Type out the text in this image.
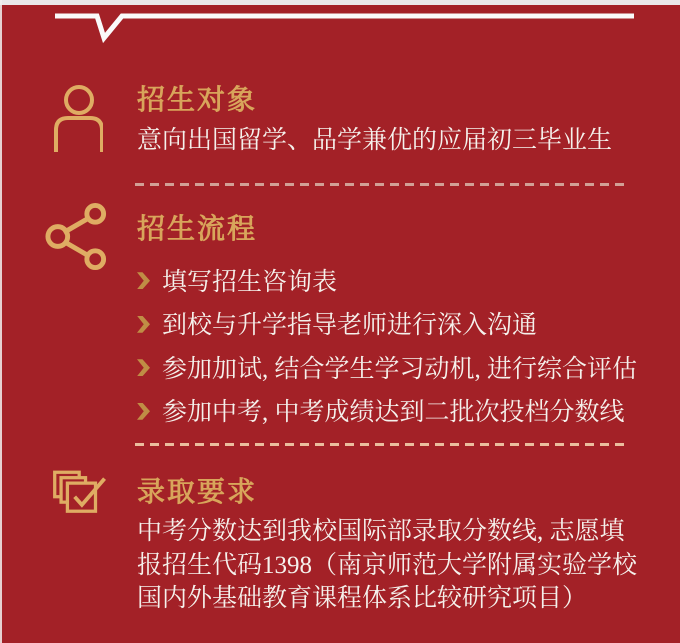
招生对象

意向出国留学、品学兼优的应届初三毕业生

招生流程
填写招生咨询表
到校与升学指导老师进行深入沟通
参加加试, 结合学生学习动机, 进行综合评估
参加中考, 中考成绩达到二批次投档分数线
录取要求

中考分数达到我校国际部录取分数线, 志愿填报招生代码1398（南京师范大学附属实验学校国内外基础教育课程体系比较研究项目）
